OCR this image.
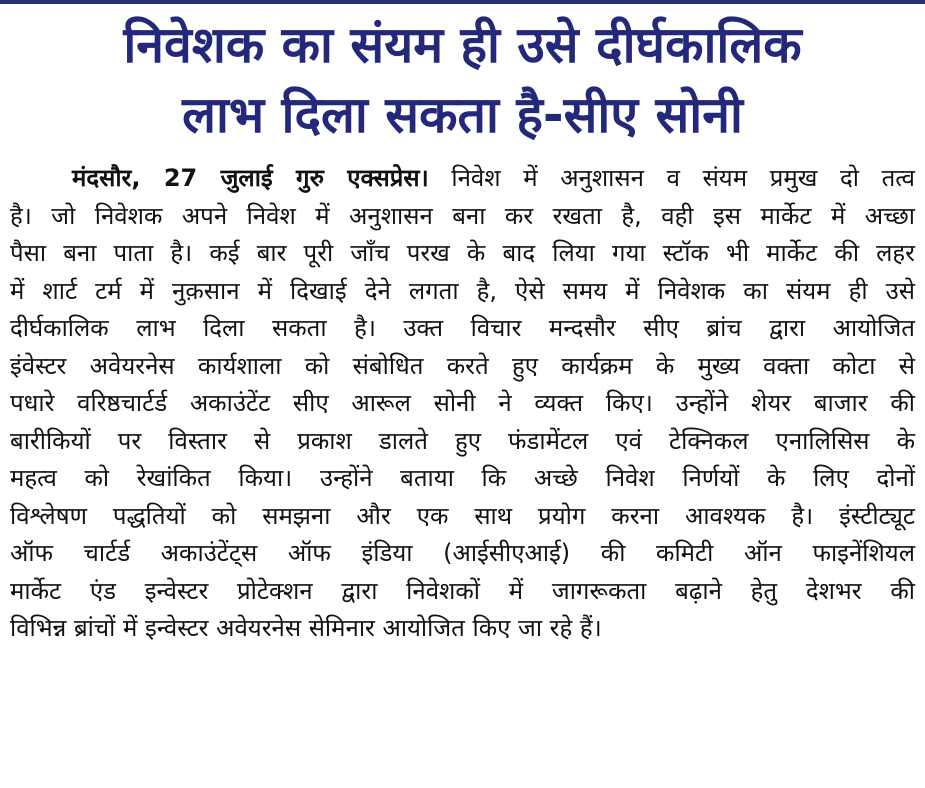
निवेशक का संयम ही उसे दीर्घकालिक
लाभ दिला सकता है-सीए सोनी
मंदसौर, 27 जुलाई गुरु एक्सप्रेस। निवेश में अनुशासन व संयम प्रमुख दो तत्व
है। जो निवेशक अपने निवेश में अनुशासन बना कर रखता है, वही इस मार्केट में अच्छा
पैसा बना पाता है। कई बार पूरी जाँच परख के बाद लिया गया स्टॉक भी मार्केट की लहर
में शार्ट टर्म में नुक़सान में दिखाई देने लगता है, ऐसे समय में निवेशक का संयम ही उसे
दीर्घकालिक लाभ दिला सकता है। उक्त विचार मन्दसौर सीए ब्रांच द्वारा आयोजित
इंवेस्टर अवेयरनेस कार्यशाला को संबोधित करते हुए कार्यक्रम के मुख्य वक्ता कोटा से
पधारे वरिष्ठचार्टर्ड अकाउंटेंट सीए आरूल सोनी ने व्यक्त किए। उन्होंने शेयर बाजार की
बारीकियों पर विस्तार से प्रकाश डालते हुए फंडामेंटल एवं टेक्निकल एनालिसिस के
महत्व को रेखांकित किया। उन्होंने बताया कि अच्छे निवेश निर्णयों के लिए दोनों
विश्लेषण पद्धतियों को समझना और एक साथ प्रयोग करना आवश्यक है। इंस्टीट्यूट
ऑफ चार्टर्ड अकाउंटेंट्स ऑफ इंडिया (आईसीएआई) की कमिटी ऑन फाइनेंशियल
मार्केट एंड इन्वेस्टर प्रोटेक्शन द्वारा निवेशकों में जागरूकता बढ़ाने हेतु देशभर की
विभिन्न ब्रांचों में इन्वेस्टर अवेयरनेस सेमिनार आयोजित किए जा रहे हैं।
